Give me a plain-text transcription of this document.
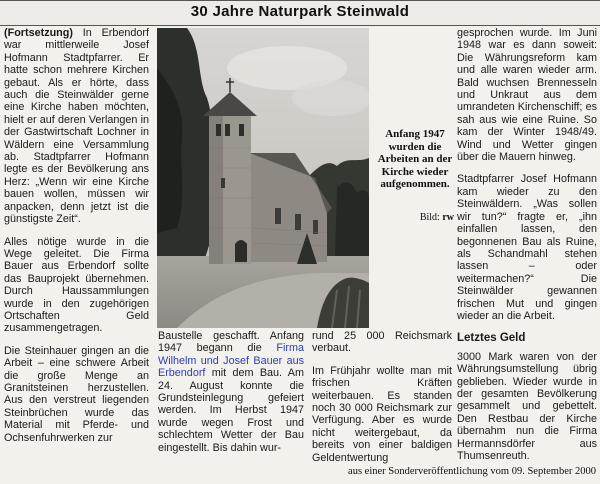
30 Jahre Naturpark Steinwald

(Fortsetzung) In Erbendorf war mittlerweile Josef Hofmann Stadtpfarrer. Er hatte schon mehrere Kirchen gebaut. Als er hörte, dass auch die Steinwälder gerne eine Kirche haben möchten, hielt er auf deren Verlangen in der Gastwirtschaft Lochner in Wäldern eine Versammlung ab. Stadtpfarrer Hofmann legte es der Bevölkerung ans Herz: „Wenn wir eine Kirche bauen wollen, müssen wir anpacken, denn jetzt ist die günstigste Zeit“.

Alles nötige wurde in die Wege geleitet. Die Firma Bauer aus Erbendorf sollte das Bauprojekt übernehmen. Durch Haussammlungen wurde in den zugehörigen Ortschaften Geld zusammengetragen.

Die Steinhauer gingen an die Arbeit – eine schwere Arbeit die große Menge an Granitsteinen herzustellen. Aus den verstreut liegenden Steinbrüchen wurde das Material mit Pferde- und Ochsenfuhrwerken zur

Anfang 1947 wurden die Arbeiten an der Kirche wieder aufgenommen.
Bild: rw

Baustelle geschafft. Anfang 1947 begann die Firma Wilhelm und Josef Bauer aus Erbendorf mit dem Bau. Am 24. August konnte die Grundsteinlegung gefeiert werden. Im Herbst 1947 wurde wegen Frost und schlechtem Wetter der Bau eingestellt. Bis dahin wur-

rund 25 000 Reichsmark verbaut.

Im Frühjahr wollte man mit frischen Kräften weiterbauen. Es standen noch 30 000 Reichsmark zur Verfügung. Aber es wurde nicht weitergebaut, da bereits von einer baldigen Geldentwertung

gesprochen wurde. Im Juni 1948 war es dann soweit: Die Währungsreform kam und alle waren wieder arm. Bald wuchsen Brennesseln und Unkraut aus dem umrandeten Kirchenschiff; es sah aus wie eine Ruine. So kam der Winter 1948/49. Wind und Wetter gingen über die Mauern hinweg.

Stadtpfarrer Josef Hofmann kam wieder zu den Steinwäldern. „Was sollen wir tun?“ fragte er, „ihn einfallen lassen, den begonnenen Bau als Ruine, als Schandmahl stehen lassen – oder weitermachen?“ Die Steinwälder gewannen frischen Mut und gingen wieder an die Arbeit.

Letztes Geld

3000 Mark waren von der Währungsumstellung übrig geblieben. Wieder wurde in der gesamten Bevölkerung gesammelt und gebettelt. Den Restbau der Kirche übernahm nun die Firma Hermannsdörfer aus Thumsenreuth.

aus einer Sonderveröffentlichung vom 09. September 2000
